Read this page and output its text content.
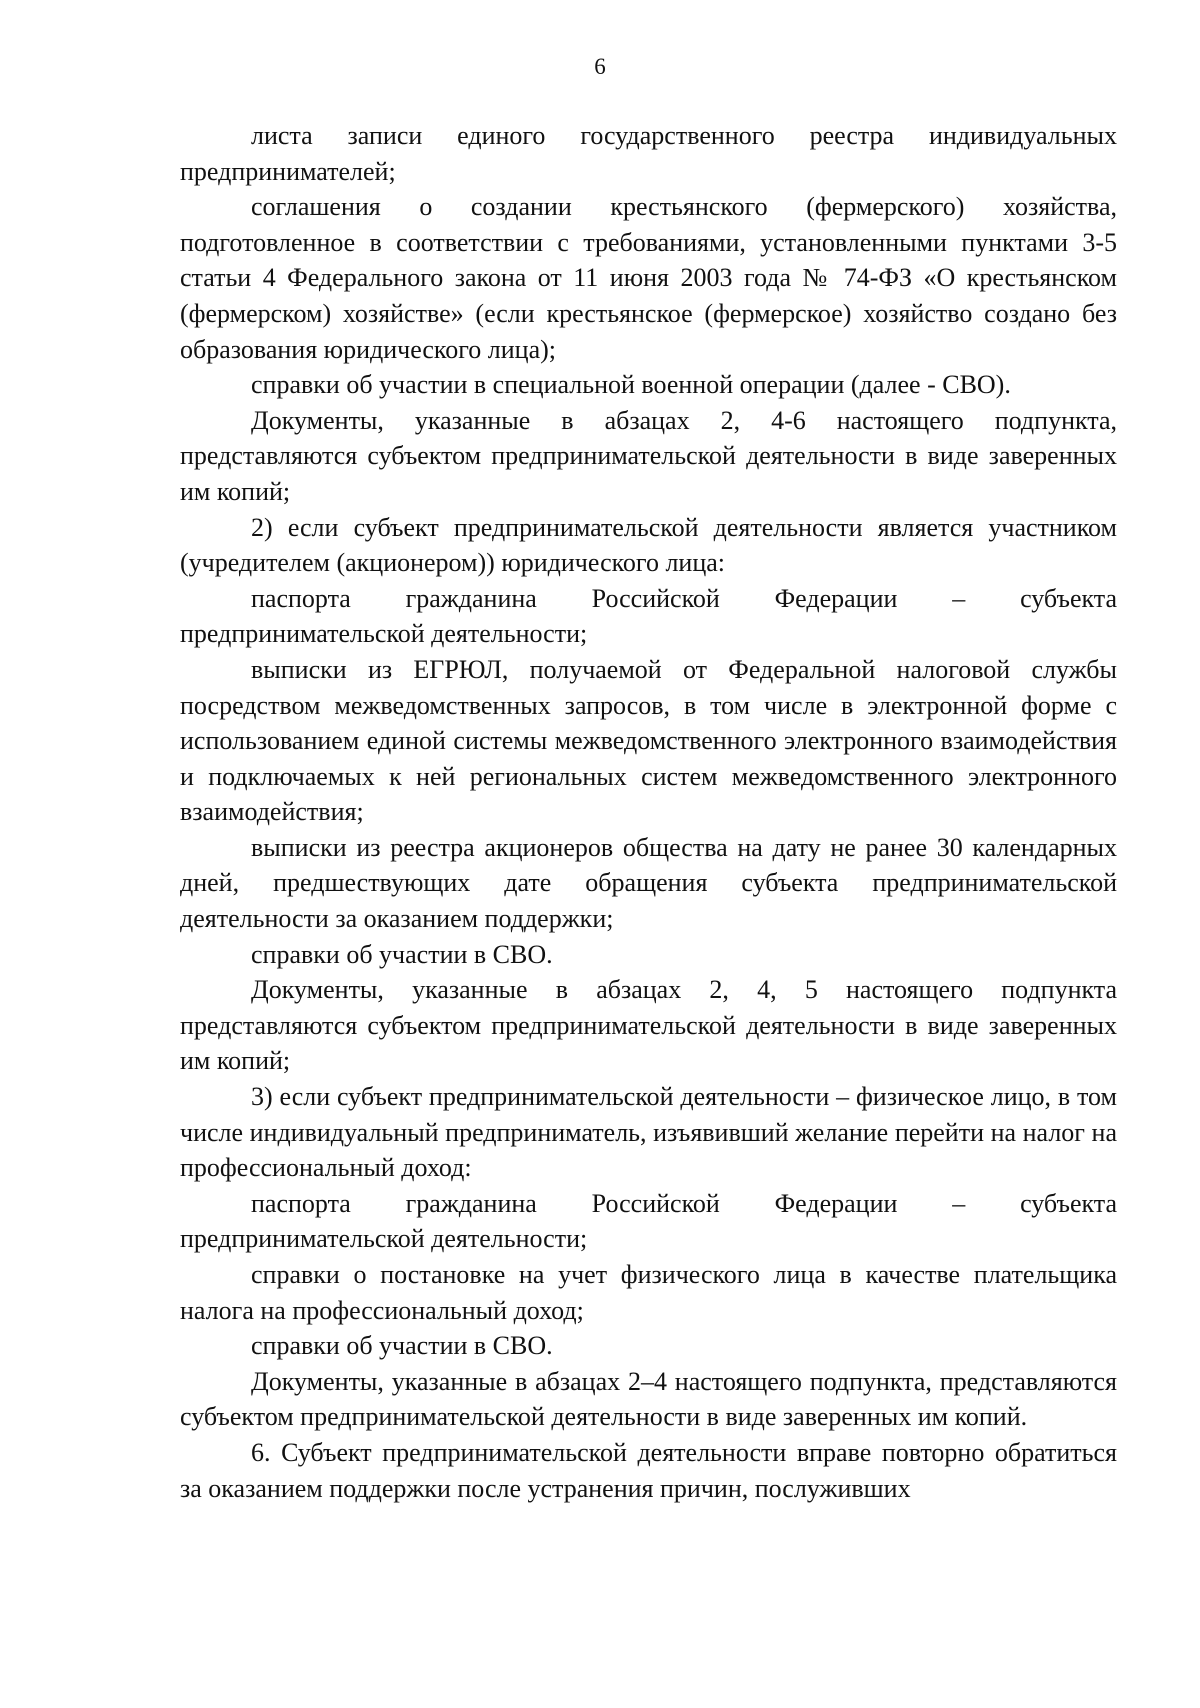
6

листа записи единого государственного реестра индивидуальных предпринимателей;

соглашения о создании крестьянского (фермерского) хозяйства, подготовленное в соответствии с требованиями, установленными пунктами 3-5 статьи 4 Федерального закона от 11 июня 2003 года № 74-ФЗ «О крестьянском (фермерском) хозяйстве» (если крестьянское (фермерское) хозяйство создано без образования юридического лица);

справки об участии в специальной военной операции (далее - СВО).

Документы, указанные в абзацах 2, 4-6 настоящего подпункта, представляются субъектом предпринимательской деятельности в виде заверенных им копий;

2) если субъект предпринимательской деятельности является участником (учредителем (акционером)) юридического лица:

паспорта гражданина Российской Федерации – субъекта предпринимательской деятельности;

выписки из ЕГРЮЛ, получаемой от Федеральной налоговой службы посредством межведомственных запросов, в том числе в электронной форме с использованием единой системы межведомственного электронного взаимодействия и подключаемых к ней региональных систем межведомственного электронного взаимодействия;

выписки из реестра акционеров общества на дату не ранее 30 календарных дней, предшествующих дате обращения субъекта предпринимательской деятельности за оказанием поддержки;

справки об участии в СВО.

Документы, указанные в абзацах 2, 4, 5 настоящего подпункта представляются субъектом предпринимательской деятельности в виде заверенных им копий;

3) если субъект предпринимательской деятельности – физическое лицо, в том числе индивидуальный предприниматель, изъявивший желание перейти на налог на профессиональный доход:

паспорта гражданина Российской Федерации – субъекта предпринимательской деятельности;

справки о постановке на учет физического лица в качестве плательщика налога на профессиональный доход;

справки об участии в СВО.

Документы, указанные в абзацах 2–4 настоящего подпункта, представляются субъектом предпринимательской деятельности в виде заверенных им копий.

6. Субъект предпринимательской деятельности вправе повторно обратиться за оказанием поддержки после устранения причин, послуживших
